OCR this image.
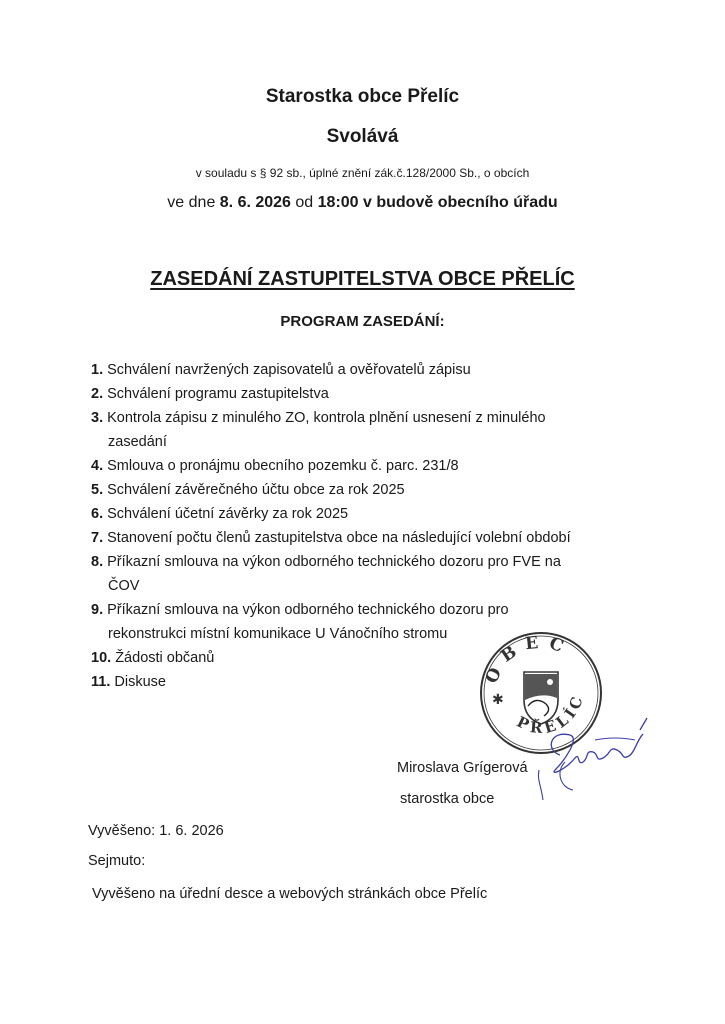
Starostka obce Přelíc
Svolává
v souladu s § 92 sb., úplné znění zák.č.128/2000 Sb., o obcích
ve dne 8. 6. 2026 od 18:00 v budově obecního úřadu
ZASEDÁNÍ ZASTUPITELSTVA OBCE PŘELÍC
PROGRAM ZASEDÁNÍ:
1. Schválení navržených zapisovatelů a ověřovatelů zápisu
2. Schválení programu zastupitelstva
3. Kontrola zápisu z minulého ZO, kontrola plnění usnesení z minulého
zasedání
4. Smlouva o pronájmu obecního pozemku č. parc. 231/8
5. Schválení závěrečného účtu obce za rok 2025
6. Schválení účetní závěrky za rok 2025
7. Stanovení počtu členů zastupitelstva obce na následující volební období
8. Příkazní smlouva na výkon odborného technického dozoru pro FVE na
ČOV
9. Příkazní smlouva na výkon odborného technického dozoru pro
rekonstrukci místní komunikace U Vánočního stromu
10. Žádosti občanů
11. Diskuse	OBEC
PŘELÍC
✱
Miroslava Grígerová
starostka obce
Vyvěšeno: 1. 6. 2026
Sejmuto:
Vyvěšeno na úřední desce a webových stránkách obce Přelíc
